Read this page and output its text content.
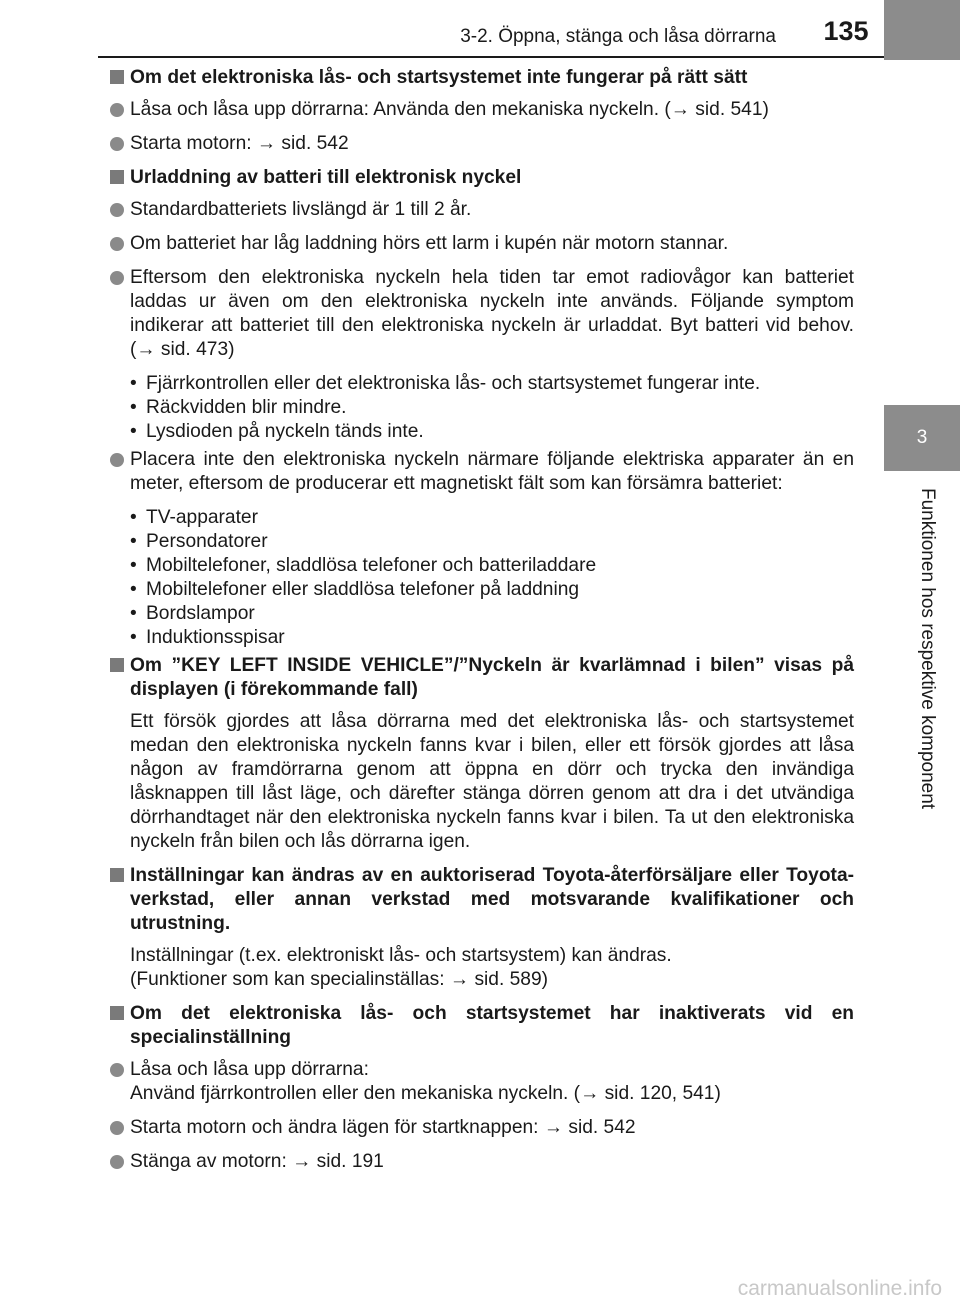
3-2. Öppna, stänga och låsa dörrarna	135
3
Funktionen hos respektive komponent
Om det elektroniska lås- och startsystemet inte fungerar på rätt sätt
Låsa och låsa upp dörrarna: Använda den mekaniska nyckeln. (→ sid. 541)
Starta motorn: → sid. 542
Urladdning av batteri till elektronisk nyckel
Standardbatteriets livslängd är 1 till 2 år.
Om batteriet har låg laddning hörs ett larm i kupén när motorn stannar.
Eftersom den elektroniska nyckeln hela tiden tar emot radiovågor kan batteriet laddas ur även om den elektroniska nyckeln inte används. Följande symptom indikerar att batteriet till den elektroniska nyckeln är urladdat. Byt batteri vid behov. (→ sid. 473)
• Fjärrkontrollen eller det elektroniska lås- och startsystemet fungerar inte.
• Räckvidden blir mindre.
• Lysdioden på nyckeln tänds inte.
Placera inte den elektroniska nyckeln närmare följande elektriska apparater än en meter, eftersom de producerar ett magnetiskt fält som kan försämra batteriet:
• TV-apparater
• Persondatorer
• Mobiltelefoner, sladdlösa telefoner och batteriladdare
• Mobiltelefoner eller sladdlösa telefoner på laddning
• Bordslampor
• Induktionsspisar
Om ”KEY LEFT INSIDE VEHICLE”/”Nyckeln är kvarlämnad i bilen” visas på displayen (i förekommande fall)
Ett försök gjordes att låsa dörrarna med det elektroniska lås- och startsystemet medan den elektroniska nyckeln fanns kvar i bilen, eller ett försök gjordes att låsa någon av framdörrarna genom att öppna en dörr och trycka den invändiga låsknappen till låst läge, och därefter stänga dörren genom att dra i det utvändiga dörrhandtaget när den elektroniska nyckeln fanns kvar i bilen. Ta ut den elektroniska nyckeln från bilen och lås dörrarna igen.
Inställningar kan ändras av en auktoriserad Toyota-återförsäljare eller Toyota-verkstad, eller annan verkstad med motsvarande kvalifikationer och utrustning.
Inställningar (t.ex. elektroniskt lås- och startsystem) kan ändras.
(Funktioner som kan specialinställas: → sid. 589)
Om det elektroniska lås- och startsystemet har inaktiverats vid en specialinställning
Låsa och låsa upp dörrarna:
Använd fjärrkontrollen eller den mekaniska nyckeln. (→ sid. 120, 541)
Starta motorn och ändra lägen för startknappen: → sid. 542
Stänga av motorn: → sid. 191
carmanualsonline.info
